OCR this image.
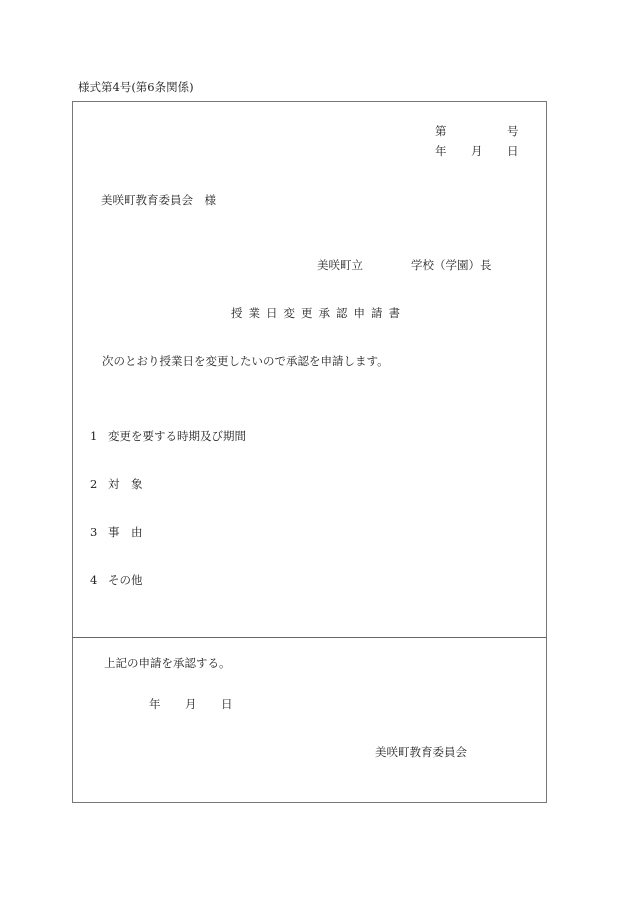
様式第4号(第6条関係)
第	号
年 月 日
美咲町教育委員会　様
美咲町立	学校（学園）長
授業日変更承認申請書
次のとおり授業日を変更したいので承認を申請します。
1 変更を要する時期及び期間
2 対　象
3 事　由
4 その他
上記の申請を承認する。
年 月 日
美咲町教育委員会
